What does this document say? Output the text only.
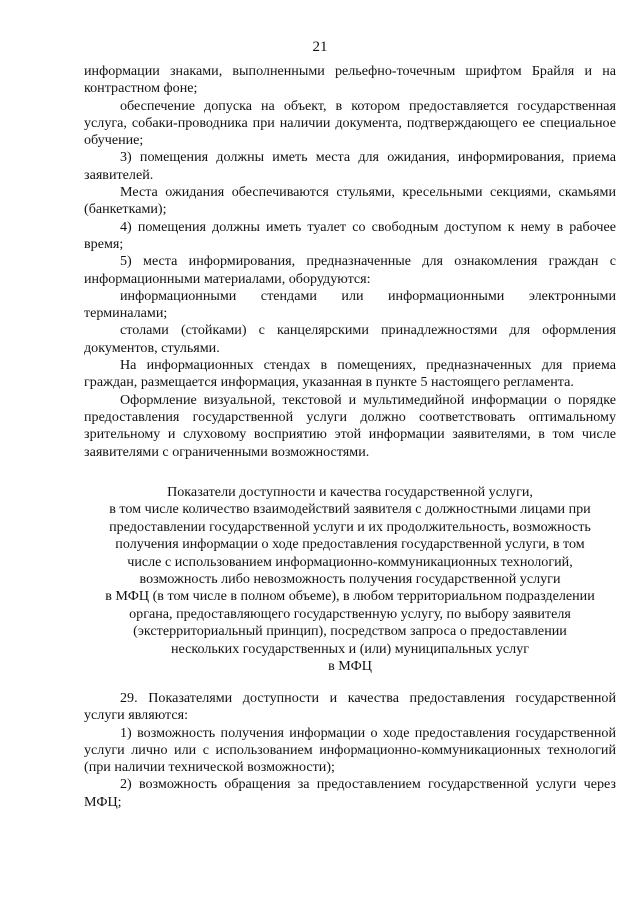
21

информации знаками, выполненными рельефно-точечным шрифтом Брайля и на контрастном фоне;

обеспечение допуска на объект, в котором предоставляется государственная услуга, собаки-проводника при наличии документа, подтверждающего ее специальное обучение;

3) помещения должны иметь места для ожидания, информирования, приема заявителей.

Места ожидания обеспечиваются стульями, кресельными секциями, скамьями (банкетками);

4) помещения должны иметь туалет со свободным доступом к нему в рабочее время;

5) места информирования, предназначенные для ознакомления граждан с информационными материалами, оборудуются:

информационными стендами или информационными электронными терминалами;

столами (стойками) с канцелярскими принадлежностями для оформления документов, стульями.

На информационных стендах в помещениях, предназначенных для приема граждан, размещается информация, указанная в пункте 5 настоящего регламента.

Оформление визуальной, текстовой и мультимедийной информации о порядке предоставления государственной услуги должно соответствовать оптимальному зрительному и слуховому восприятию этой информации заявителями, в том числе заявителями с ограниченными возможностями.

Показатели доступности и качества государственной услуги,
в том числе количество взаимодействий заявителя с должностными лицами при
предоставлении государственной услуги и их продолжительность, возможность
получения информации о ходе предоставления государственной услуги, в том
числе с использованием информационно-коммуникационных технологий,
возможность либо невозможность получения государственной услуги
в МФЦ (в том числе в полном объеме), в любом территориальном подразделении
органа, предоставляющего государственную услугу, по выбору заявителя
(экстерриториальный принцип), посредством запроса о предоставлении
нескольких государственных и (или) муниципальных услуг
в МФЦ

29. Показателями доступности и качества предоставления государственной услуги являются:

1) возможность получения информации о ходе предоставления государственной услуги лично или с использованием информационно-коммуникационных технологий (при наличии технической возможности);

2) возможность обращения за предоставлением государственной услуги через МФЦ;
